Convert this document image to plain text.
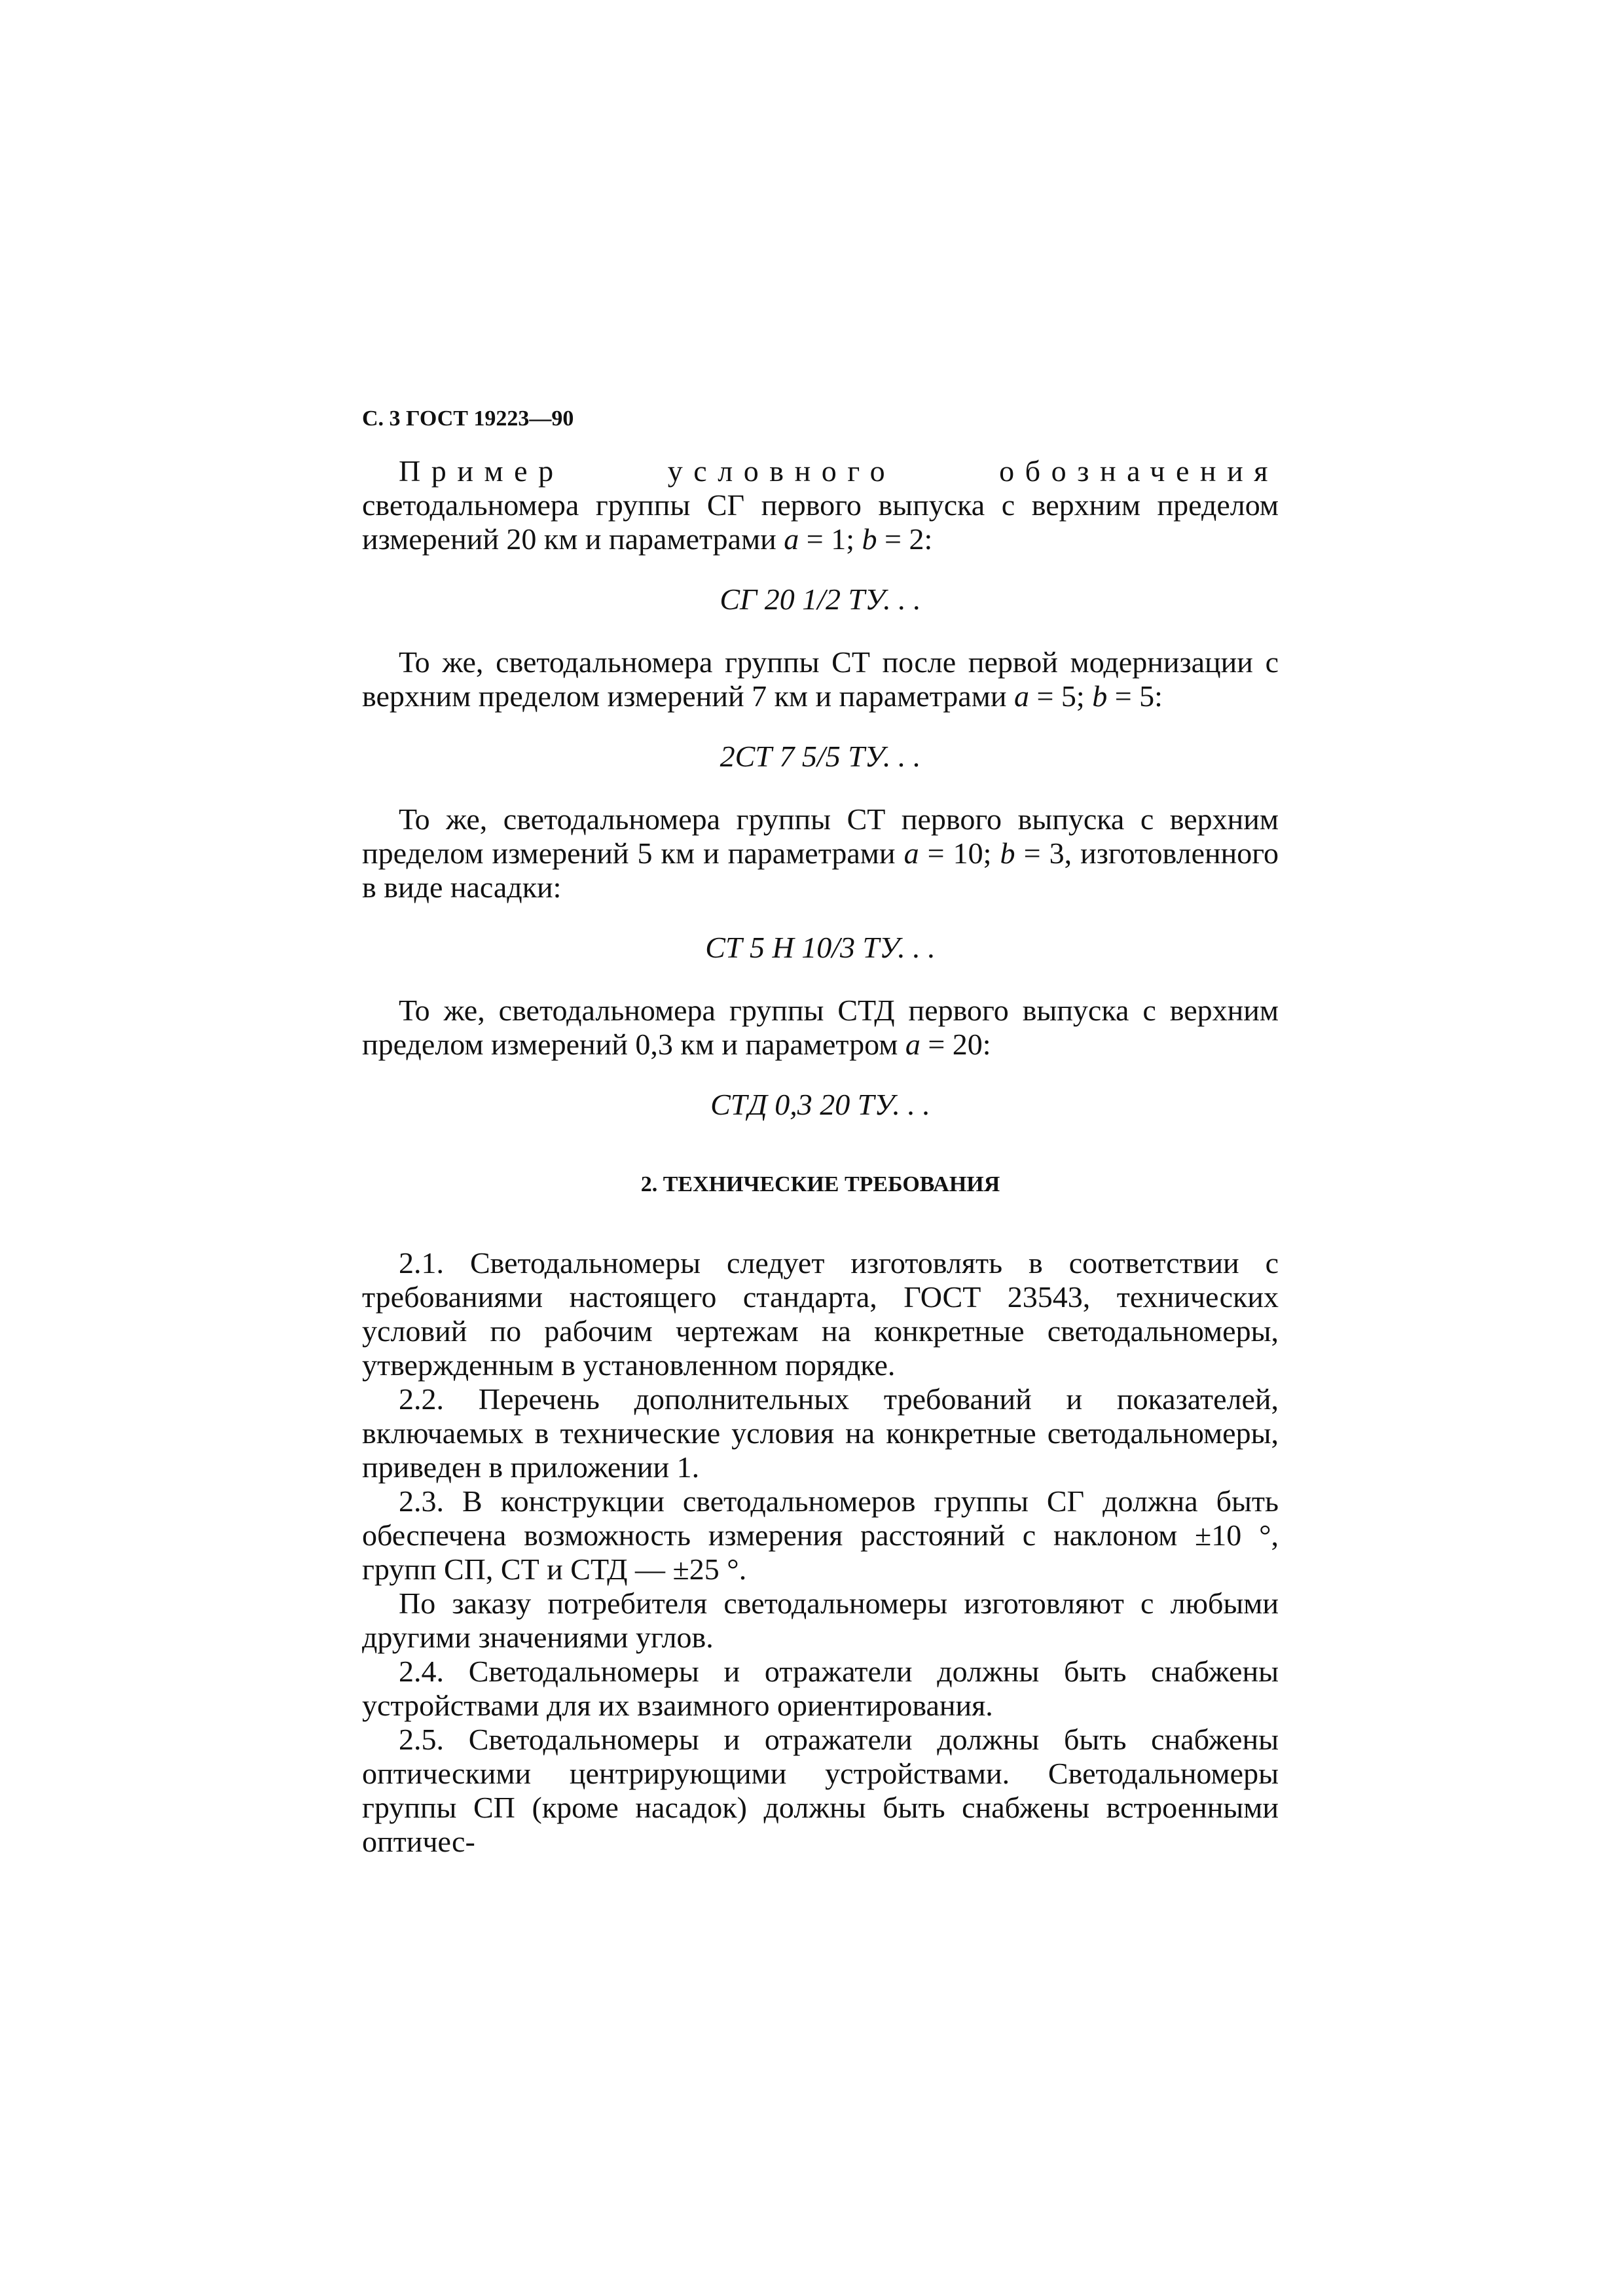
С. 3 ГОСТ 19223—90

Пример условного обозначения светодальномера группы СГ первого выпуска с верхним пределом измерений 20 км и параметрами a = 1; b = 2:

СГ 20 1/2 ТУ. . .

То же, светодальномера группы СТ после первой модернизации с верхним пределом измерений 7 км и параметрами a = 5; b = 5:

2СТ 7 5/5 ТУ. . .

То же, светодальномера группы СТ первого выпуска с верхним пределом измерений 5 км и параметрами a = 10; b = 3, изготовленного в виде насадки:

СТ 5 Н 10/3 ТУ. . .

То же, светодальномера группы СТД первого выпуска с верхним пределом измерений 0,3 км и параметром a = 20:

СТД 0,3 20 ТУ. . .

2. ТЕХНИЧЕСКИЕ ТРЕБОВАНИЯ

2.1. Светодальномеры следует изготовлять в соответствии с требованиями настоящего стандарта, ГОСТ 23543, технических условий по рабочим чертежам на конкретные светодальномеры, утвержденным в установленном порядке.

2.2. Перечень дополнительных требований и показателей, включаемых в технические условия на конкретные светодальномеры, приведен в приложении 1.

2.3. В конструкции светодальномеров группы СГ должна быть обеспечена возможность измерения расстояний с наклоном ±10 °, групп СП, СТ и СТД — ±25 °.

По заказу потребителя светодальномеры изготовляют с любыми другими значениями углов.

2.4. Светодальномеры и отражатели должны быть снабжены устройствами для их взаимного ориентирования.

2.5. Светодальномеры и отражатели должны быть снабжены оптическими центрирующими устройствами. Светодальномеры группы СП (кроме насадок) должны быть снабжены встроенными оптичес-
